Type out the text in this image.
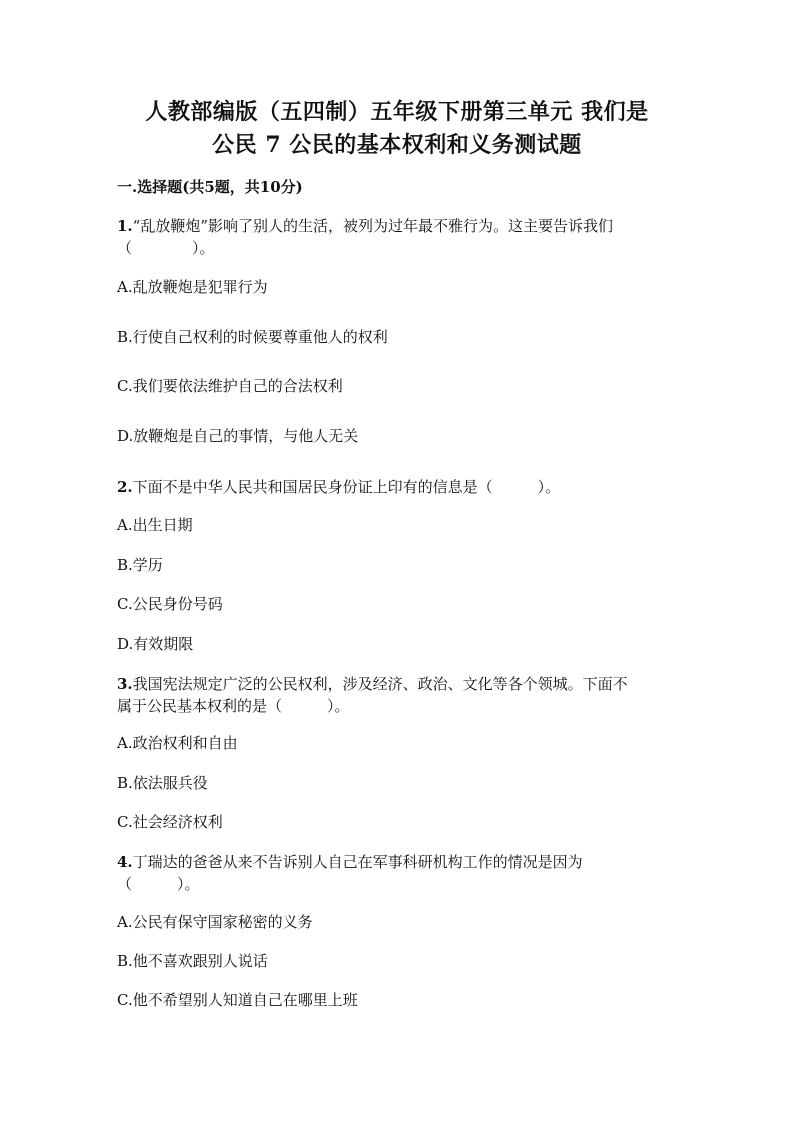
人教部编版（五四制）五年级下册第三单元 我们是
公民 7 公民的基本权利和义务测试题
一.选择题(共5题，共10分)
1.“乱放鞭炮”影响了别人的生活，被列为过年最不雅行为。这主要告诉我们
（　　　　）。
A.乱放鞭炮是犯罪行为
B.行使自己权利的时候要尊重他人的权利
C.我们要依法维护自己的合法权利
D.放鞭炮是自己的事情，与他人无关
2.下面不是中华人民共和国居民身份证上印有的信息是（　　　）。
A.出生日期
B.学历
C.公民身份号码
D.有效期限
3.我国宪法规定广泛的公民权利，涉及经济、政治、文化等各个领城。下面不
属于公民基本权利的是（　　　）。
A.政治权利和自由
B.依法服兵役
C.社会经济权利
4.丁瑞达的爸爸从来不告诉别人自己在军事科研机构工作的情况是因为
（　　　）。
A.公民有保守国家秘密的义务
B.他不喜欢跟别人说话
C.他不希望别人知道自己在哪里上班
